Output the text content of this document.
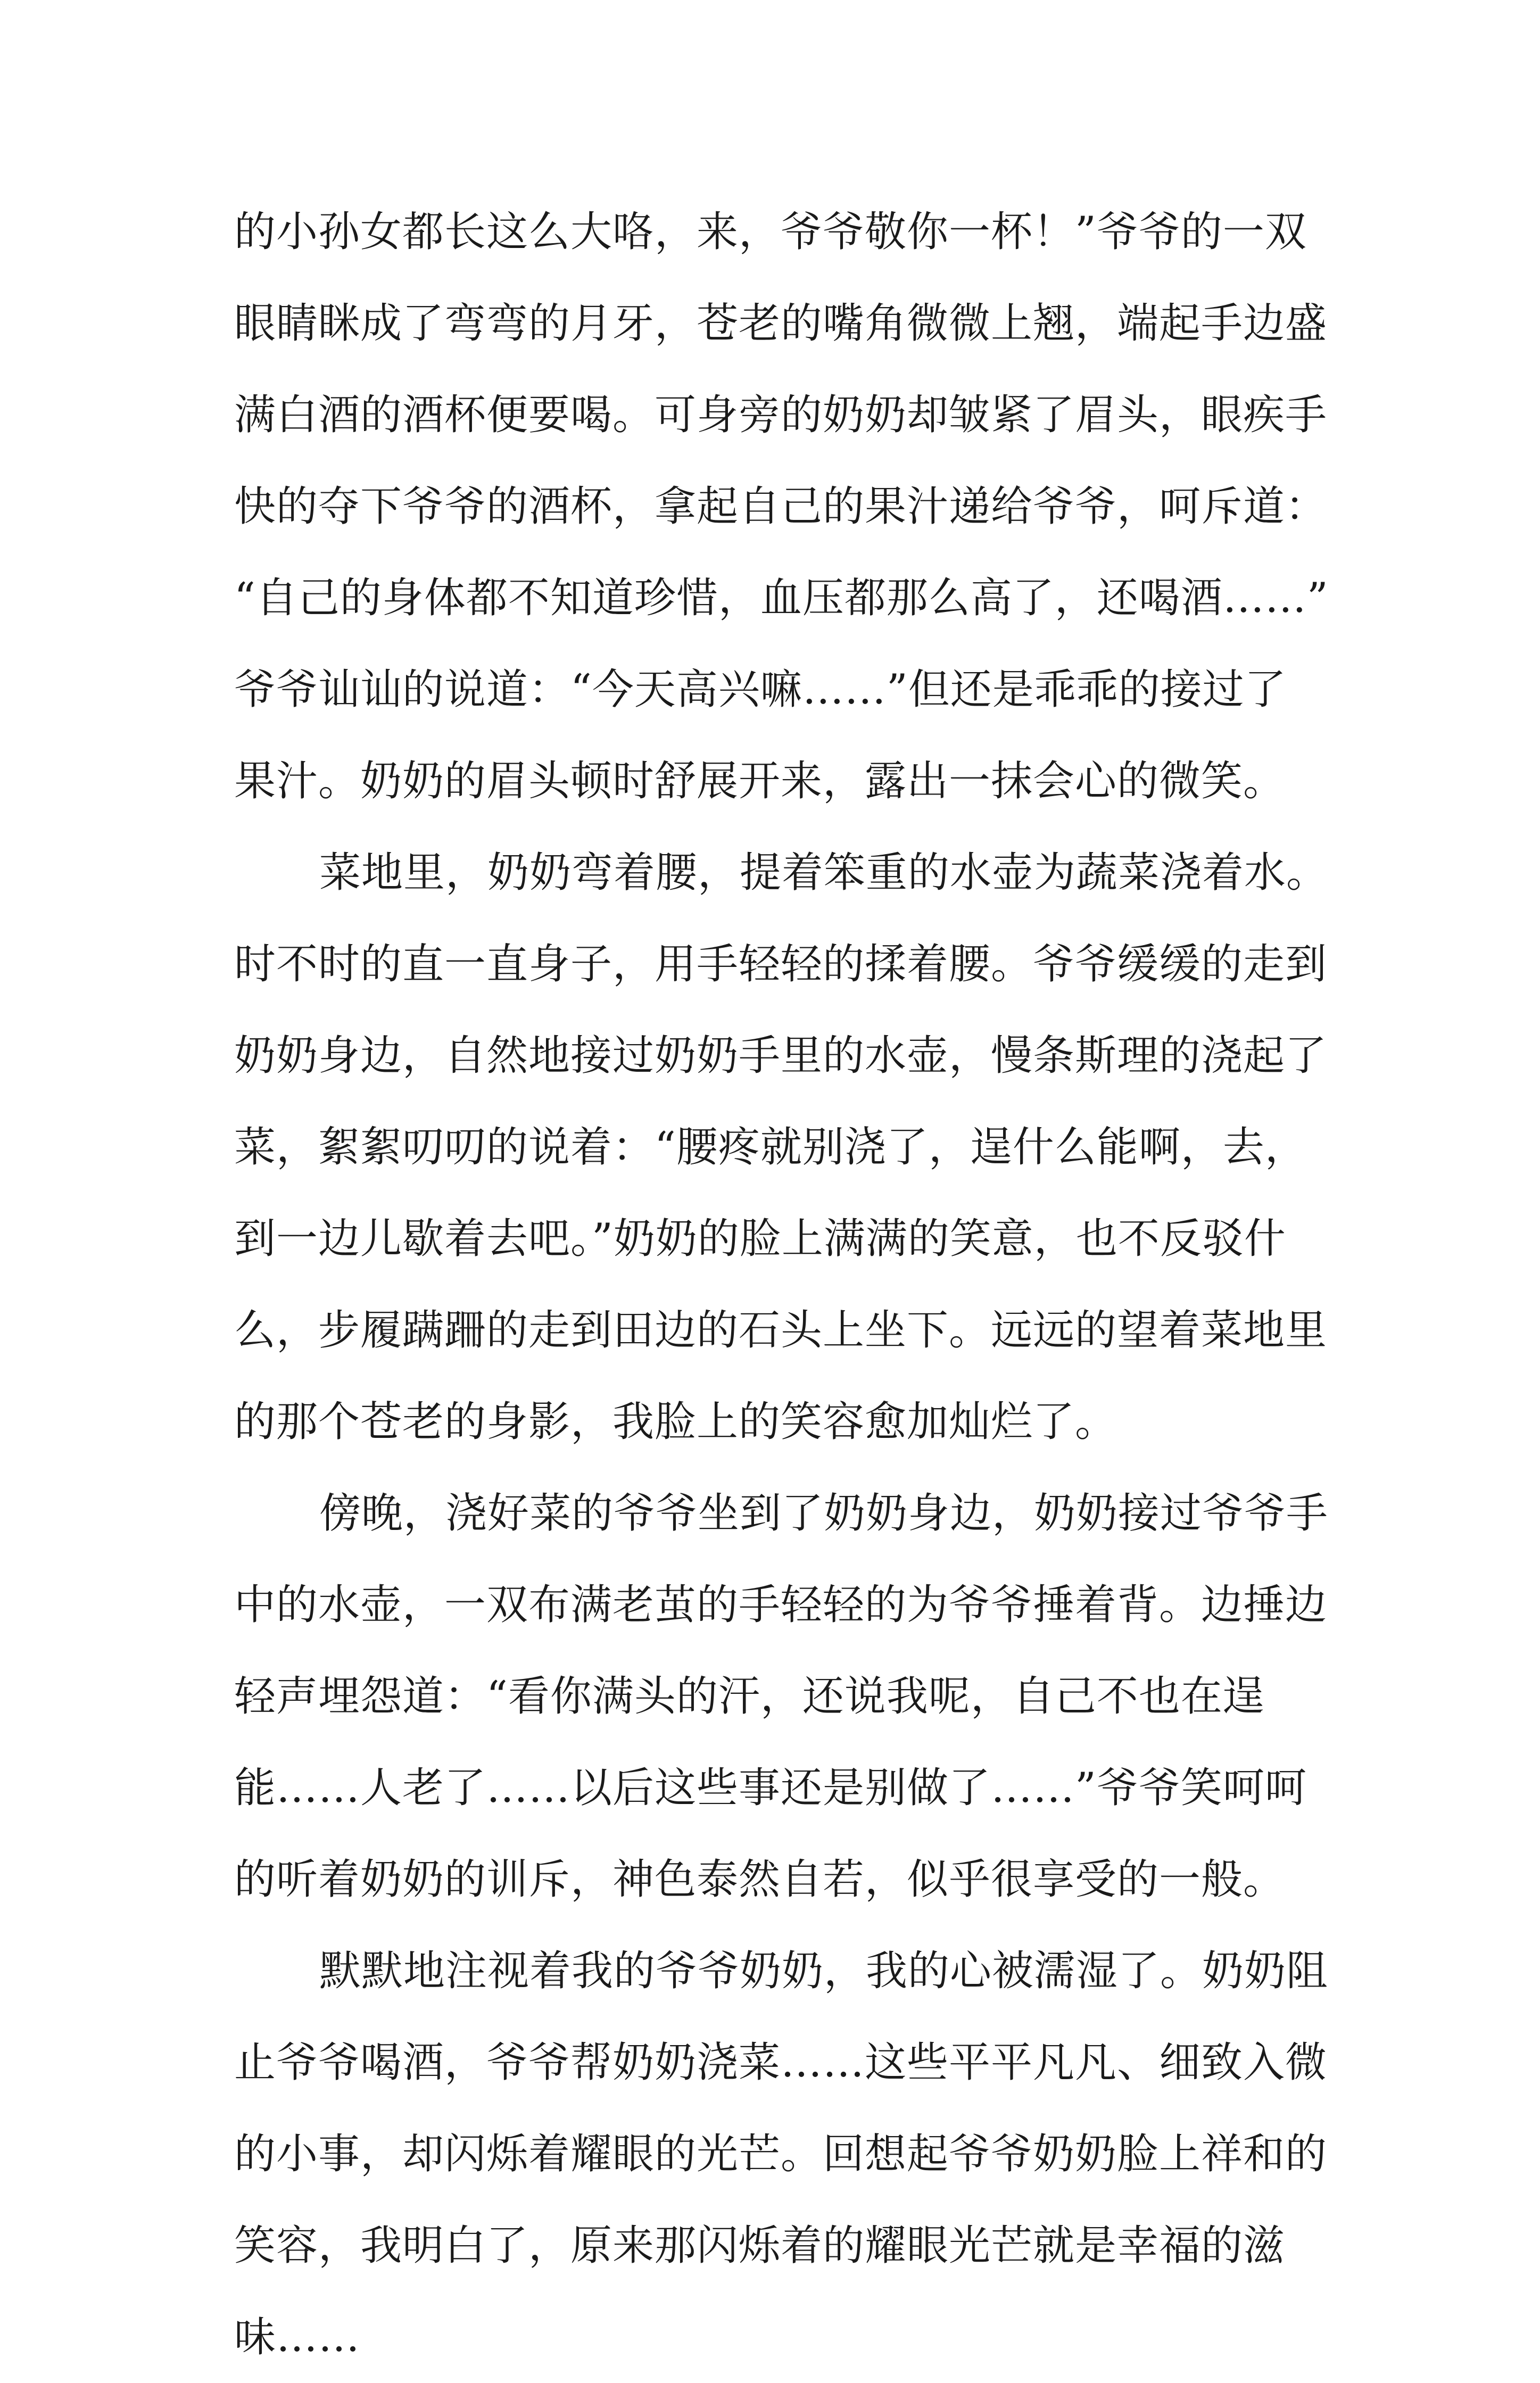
的小孙女都长这么大咯，来，爷爷敬你一杯！”爷爷的一双
眼睛眯成了弯弯的月牙，苍老的嘴角微微上翘，端起手边盛
满白酒的酒杯便要喝。可身旁的奶奶却皱紧了眉头，眼疾手
快的夺下爷爷的酒杯，拿起自己的果汁递给爷爷，呵斥道：
“自己的身体都不知道珍惜，血压都那么高了，还喝酒……”
爷爷讪讪的说道：“今天高兴嘛……”但还是乖乖的接过了
果汁。奶奶的眉头顿时舒展开来，露出一抹会心的微笑。
菜地里，奶奶弯着腰，提着笨重的水壶为蔬菜浇着水。
时不时的直一直身子，用手轻轻的揉着腰。爷爷缓缓的走到
奶奶身边，自然地接过奶奶手里的水壶，慢条斯理的浇起了
菜，絮絮叨叨的说着：“腰疼就别浇了，逞什么能啊，去，
到一边儿歇着去吧。”奶奶的脸上满满的笑意，也不反驳什
么，步履蹒跚的走到田边的石头上坐下。远远的望着菜地里
的那个苍老的身影，我脸上的笑容愈加灿烂了。
傍晚，浇好菜的爷爷坐到了奶奶身边，奶奶接过爷爷手
中的水壶，一双布满老茧的手轻轻的为爷爷捶着背。边捶边
轻声埋怨道：“看你满头的汗，还说我呢，自己不也在逞
能……人老了……以后这些事还是别做了……”爷爷笑呵呵
的听着奶奶的训斥，神色泰然自若，似乎很享受的一般。
默默地注视着我的爷爷奶奶，我的心被濡湿了。奶奶阻
止爷爷喝酒，爷爷帮奶奶浇菜……这些平平凡凡、细致入微
的小事，却闪烁着耀眼的光芒。回想起爷爷奶奶脸上祥和的
笑容，我明白了，原来那闪烁着的耀眼光芒就是幸福的滋
味……
